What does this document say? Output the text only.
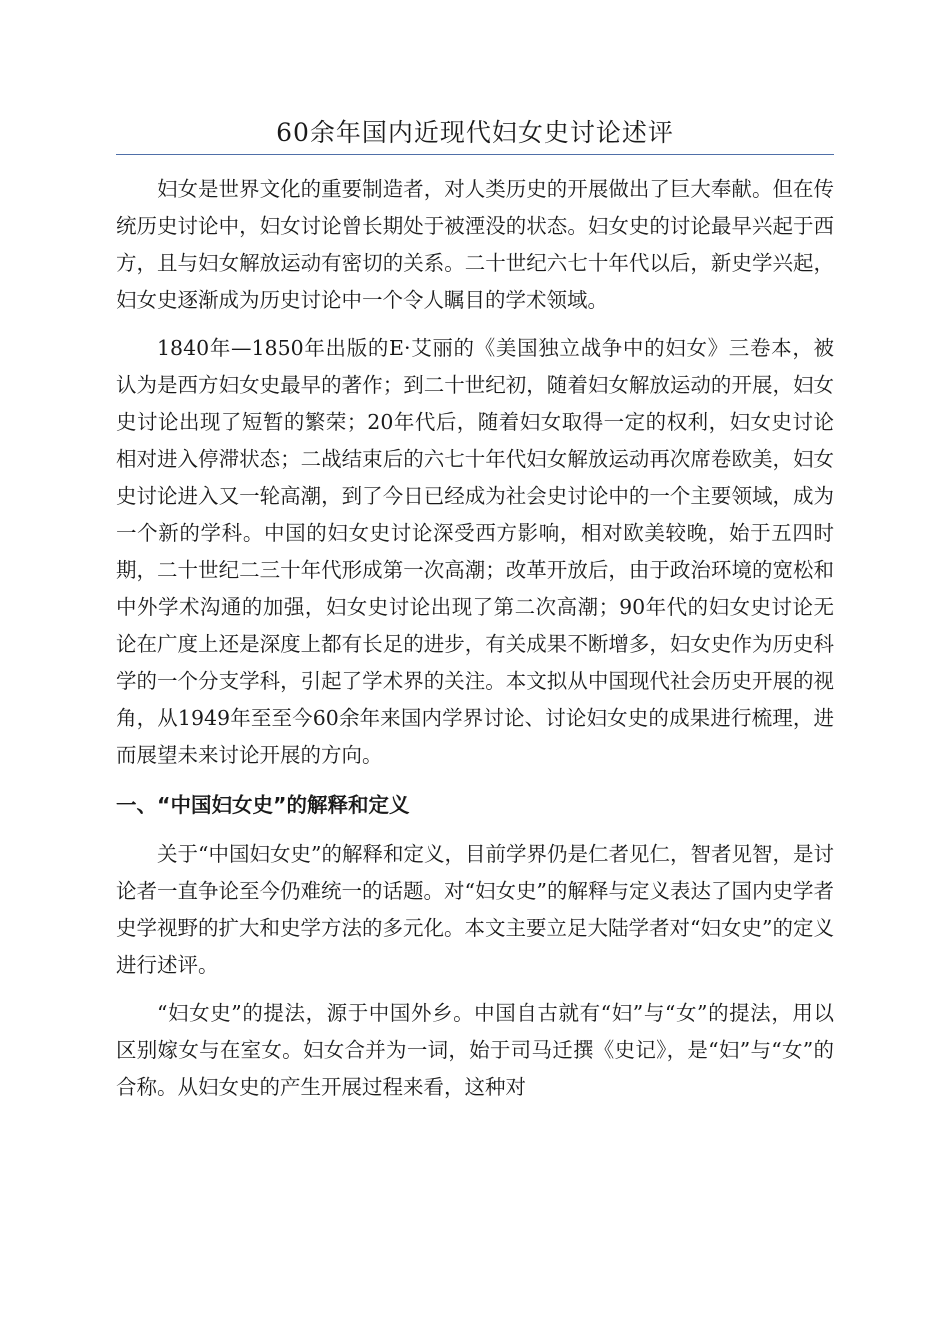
60余年国内近现代妇女史讨论述评

妇女是世界文化的重要制造者，对人类历史的开展做出了巨大奉献。但在传统历史讨论中，妇女讨论曾长期处于被湮没的状态。妇女史的讨论最早兴起于西方，且与妇女解放运动有密切的关系。二十世纪六七十年代以后，新史学兴起，妇女史逐渐成为历史讨论中一个令人瞩目的学术领域。

1840年—1850年出版的E·艾丽的《美国独立战争中的妇女》三卷本，被认为是西方妇女史最早的著作；到二十世纪初，随着妇女解放运动的开展，妇女史讨论出现了短暂的繁荣；20年代后，随着妇女取得一定的权利，妇女史讨论相对进入停滞状态；二战结束后的六七十年代妇女解放运动再次席卷欧美，妇女史讨论进入又一轮高潮，到了今日已经成为社会史讨论中的一个主要领域，成为一个新的学科。中国的妇女史讨论深受西方影响，相对欧美较晚，始于五四时期，二十世纪二三十年代形成第一次高潮；改革开放后，由于政治环境的宽松和中外学术沟通的加强，妇女史讨论出现了第二次高潮；90年代的妇女史讨论无论在广度上还是深度上都有长足的进步，有关成果不断增多，妇女史作为历史科学的一个分支学科，引起了学术界的关注。本文拟从中国现代社会历史开展的视角，从1949年至至今60余年来国内学界讨论、讨论妇女史的成果进行梳理，进而展望未来讨论开展的方向。

一、“中国妇女史”的解释和定义

关于“中国妇女史”的解释和定义，目前学界仍是仁者见仁，智者见智，是讨论者一直争论至今仍难统一的话题。对“妇女史”的解释与定义表达了国内史学者史学视野的扩大和史学方法的多元化。本文主要立足大陆学者对“妇女史”的定义进行述评。

“妇女史”的提法，源于中国外乡。中国自古就有“妇”与“女”的提法，用以区别嫁女与在室女。妇女合并为一词，始于司马迁撰《史记》，是“妇”与“女”的合称。从妇女史的产生开展过程来看，这种对
